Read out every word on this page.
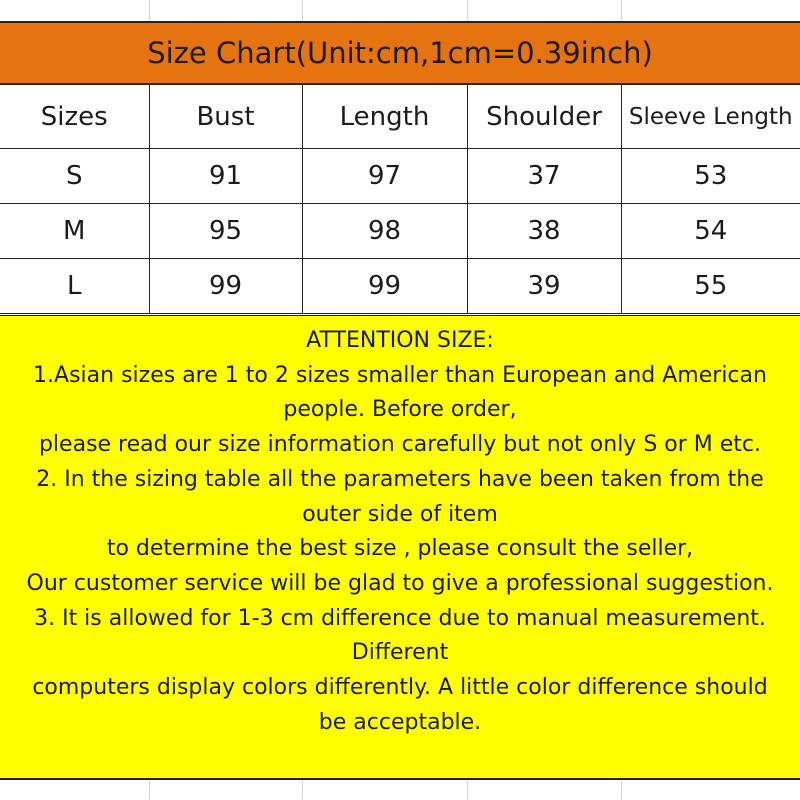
Size Chart(Unit:cm,1cm=0.39inch)
Sizes	Bust	Length	Shoulder	Sleeve Length
S	91	97	37	53
M	95	98	38	54
L	99	99	39	55
ATTENTION SIZE:
1.Asian sizes are 1 to 2 sizes smaller than European and American
people. Before order,
please read our size information carefully but not only S or M etc.
2. In the sizing table all the parameters have been taken from the
outer side of item
to determine the best size , please consult the seller,
Our customer service will be glad to give a professional suggestion.
3. It is allowed for 1-3 cm difference due to manual measurement.
Different
computers display colors differently. A little color difference should
be acceptable.
